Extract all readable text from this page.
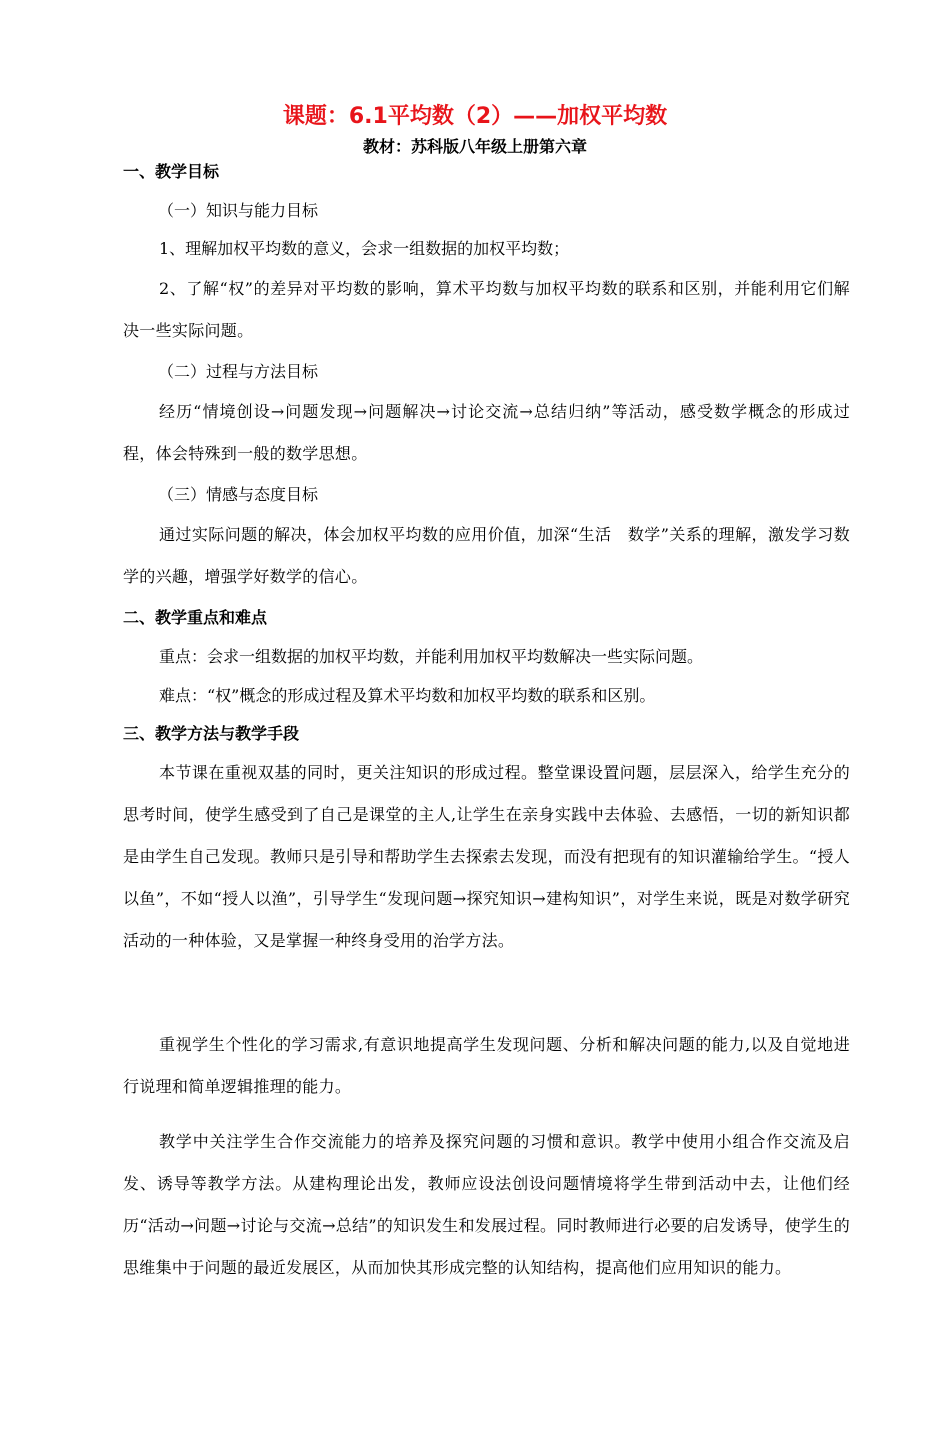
课题：6.1平均数（2）——加权平均数
教材：苏科版八年级上册第六章
一、教学目标
（一）知识与能力目标
1、理解加权平均数的意义，会求一组数据的加权平均数；
2、了解“权”的差异对平均数的影响，算术平均数与加权平均数的联系和区别，并能利用它们解决一些实际问题。
（二）过程与方法目标
经历“情境创设→问题发现→问题解决→讨论交流→总结归纳”等活动，感受数学概念的形成过程，体会特殊到一般的数学思想。
（三）情感与态度目标
通过实际问题的解决，体会加权平均数的应用价值，加深“生活　数学”关系的理解，激发学习数学的兴趣，增强学好数学的信心。
二、教学重点和难点
重点：会求一组数据的加权平均数，并能利用加权平均数解决一些实际问题。
难点：“权”概念的形成过程及算术平均数和加权平均数的联系和区别。
三、教学方法与教学手段
本节课在重视双基的同时，更关注知识的形成过程。整堂课设置问题，层层深入，给学生充分的思考时间，使学生感受到了自己是课堂的主人,让学生在亲身实践中去体验、去感悟，一切的新知识都是由学生自己发现。教师只是引导和帮助学生去探索去发现，而没有把现有的知识灌输给学生。“授人以鱼”，不如“授人以渔”，引导学生“发现问题→探究知识→建构知识”，对学生来说，既是对数学研究活动的一种体验，又是掌握一种终身受用的治学方法。
重视学生个性化的学习需求,有意识地提高学生发现问题、分析和解决问题的能力,以及自觉地进行说理和简单逻辑推理的能力。
教学中关注学生合作交流能力的培养及探究问题的习惯和意识。教学中使用小组合作交流及启发、诱导等教学方法。从建构理论出发，教师应设法创设问题情境将学生带到活动中去，让他们经历“活动→问题→讨论与交流→总结”的知识发生和发展过程。同时教师进行必要的启发诱导，使学生的思维集中于问题的最近发展区，从而加快其形成完整的认知结构，提高他们应用知识的能力。
